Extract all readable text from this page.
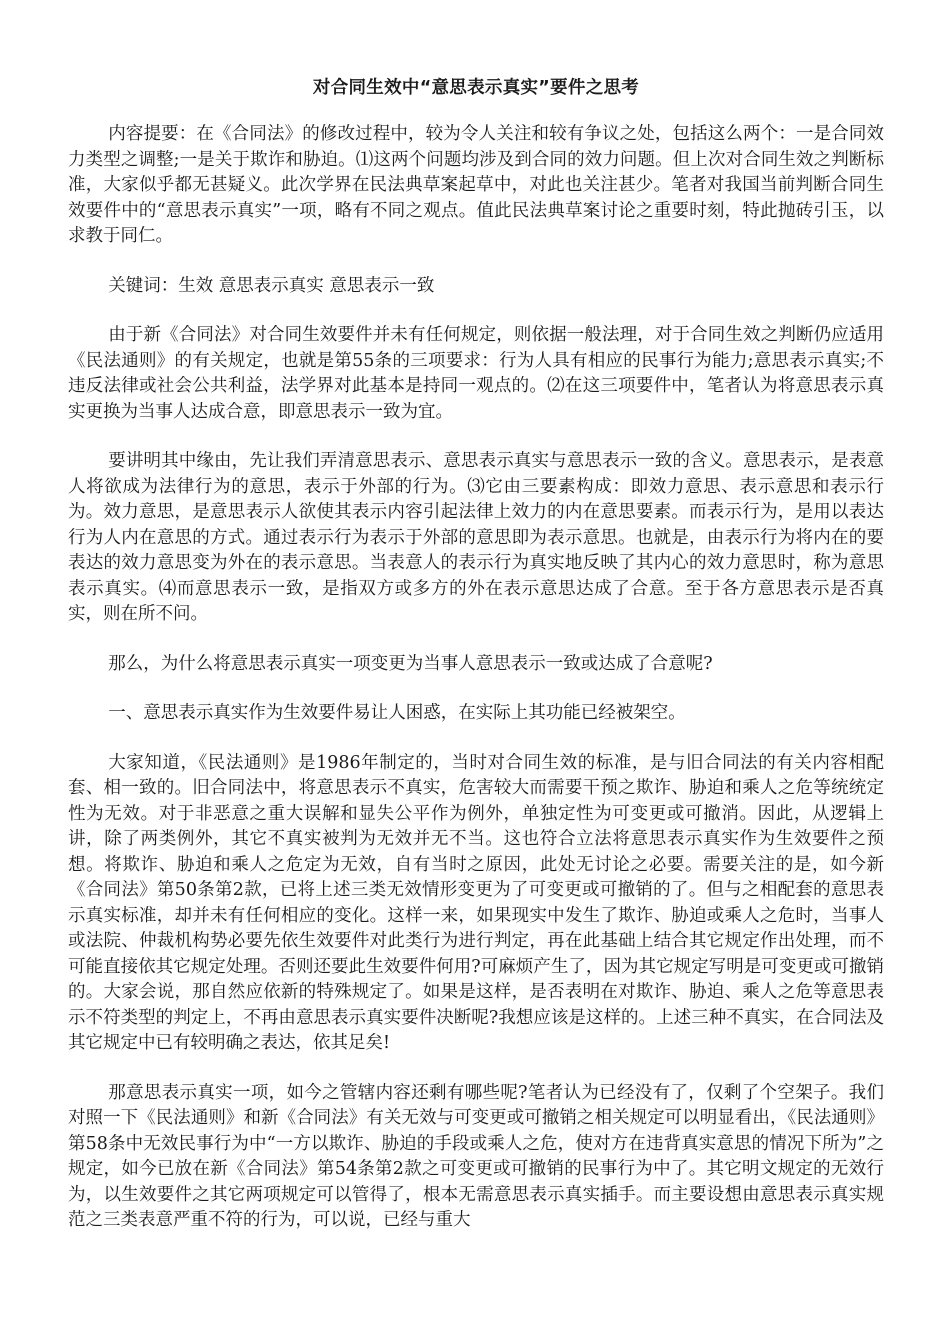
对合同生效中“意思表示真实”要件之思考

内容提要：在《合同法》的修改过程中，较为令人关注和较有争议之处，包括这么两个：一是合同效力类型之调整;一是关于欺诈和胁迫。⑴这两个问题均涉及到合同的效力问题。但上次对合同生效之判断标准，大家似乎都无甚疑义。此次学界在民法典草案起草中，对此也关注甚少。笔者对我国当前判断合同生效要件中的“意思表示真实”一项，略有不同之观点。值此民法典草案讨论之重要时刻，特此抛砖引玉，以求教于同仁。

关键词：生效 意思表示真实 意思表示一致

由于新《合同法》对合同生效要件并未有任何规定，则依据一般法理，对于合同生效之判断仍应适用《民法通则》的有关规定，也就是第55条的三项要求：行为人具有相应的民事行为能力;意思表示真实;不违反法律或社会公共利益，法学界对此基本是持同一观点的。⑵在这三项要件中，笔者认为将意思表示真实更换为当事人达成合意，即意思表示一致为宜。

要讲明其中缘由，先让我们弄清意思表示、意思表示真实与意思表示一致的含义。意思表示，是表意人将欲成为法律行为的意思，表示于外部的行为。⑶它由三要素构成：即效力意思、表示意思和表示行为。效力意思，是意思表示人欲使其表示内容引起法律上效力的内在意思要素。而表示行为，是用以表达行为人内在意思的方式。通过表示行为表示于外部的意思即为表示意思。也就是，由表示行为将内在的要表达的效力意思变为外在的表示意思。当表意人的表示行为真实地反映了其内心的效力意思时，称为意思表示真实。⑷而意思表示一致，是指双方或多方的外在表示意思达成了合意。至于各方意思表示是否真实，则在所不问。

那么，为什么将意思表示真实一项变更为当事人意思表示一致或达成了合意呢?

一、意思表示真实作为生效要件易让人困惑，在实际上其功能已经被架空。

大家知道，《民法通则》是1986年制定的，当时对合同生效的标准，是与旧合同法的有关内容相配套、相一致的。旧合同法中，将意思表示不真实，危害较大而需要干预之欺诈、胁迫和乘人之危等统统定性为无效。对于非恶意之重大误解和显失公平作为例外，单独定性为可变更或可撤消。因此，从逻辑上讲，除了两类例外，其它不真实被判为无效并无不当。这也符合立法将意思表示真实作为生效要件之预想。将欺诈、胁迫和乘人之危定为无效，自有当时之原因，此处无讨论之必要。需要关注的是，如今新《合同法》第50条第2款，已将上述三类无效情形变更为了可变更或可撤销的了。但与之相配套的意思表示真实标准，却并未有任何相应的变化。这样一来，如果现实中发生了欺诈、胁迫或乘人之危时，当事人或法院、仲裁机构势必要先依生效要件对此类行为进行判定，再在此基础上结合其它规定作出处理，而不可能直接依其它规定处理。否则还要此生效要件何用?可麻烦产生了，因为其它规定写明是可变更或可撤销的。大家会说，那自然应依新的特殊规定了。如果是这样，是否表明在对欺诈、胁迫、乘人之危等意思表示不符类型的判定上，不再由意思表示真实要件决断呢?我想应该是这样的。上述三种不真实，在合同法及其它规定中已有较明确之表达，依其足矣!

那意思表示真实一项，如今之管辖内容还剩有哪些呢?笔者认为已经没有了，仅剩了个空架子。我们对照一下《民法通则》和新《合同法》有关无效与可变更或可撤销之相关规定可以明显看出，《民法通则》第58条中无效民事行为中“一方以欺诈、胁迫的手段或乘人之危，使对方在违背真实意思的情况下所为”之规定，如今已放在新《合同法》第54条第2款之可变更或可撤销的民事行为中了。其它明文规定的无效行为，以生效要件之其它两项规定可以管得了，根本无需意思表示真实插手。而主要设想由意思表示真实规范之三类表意严重不符的行为，可以说，已经与重大
